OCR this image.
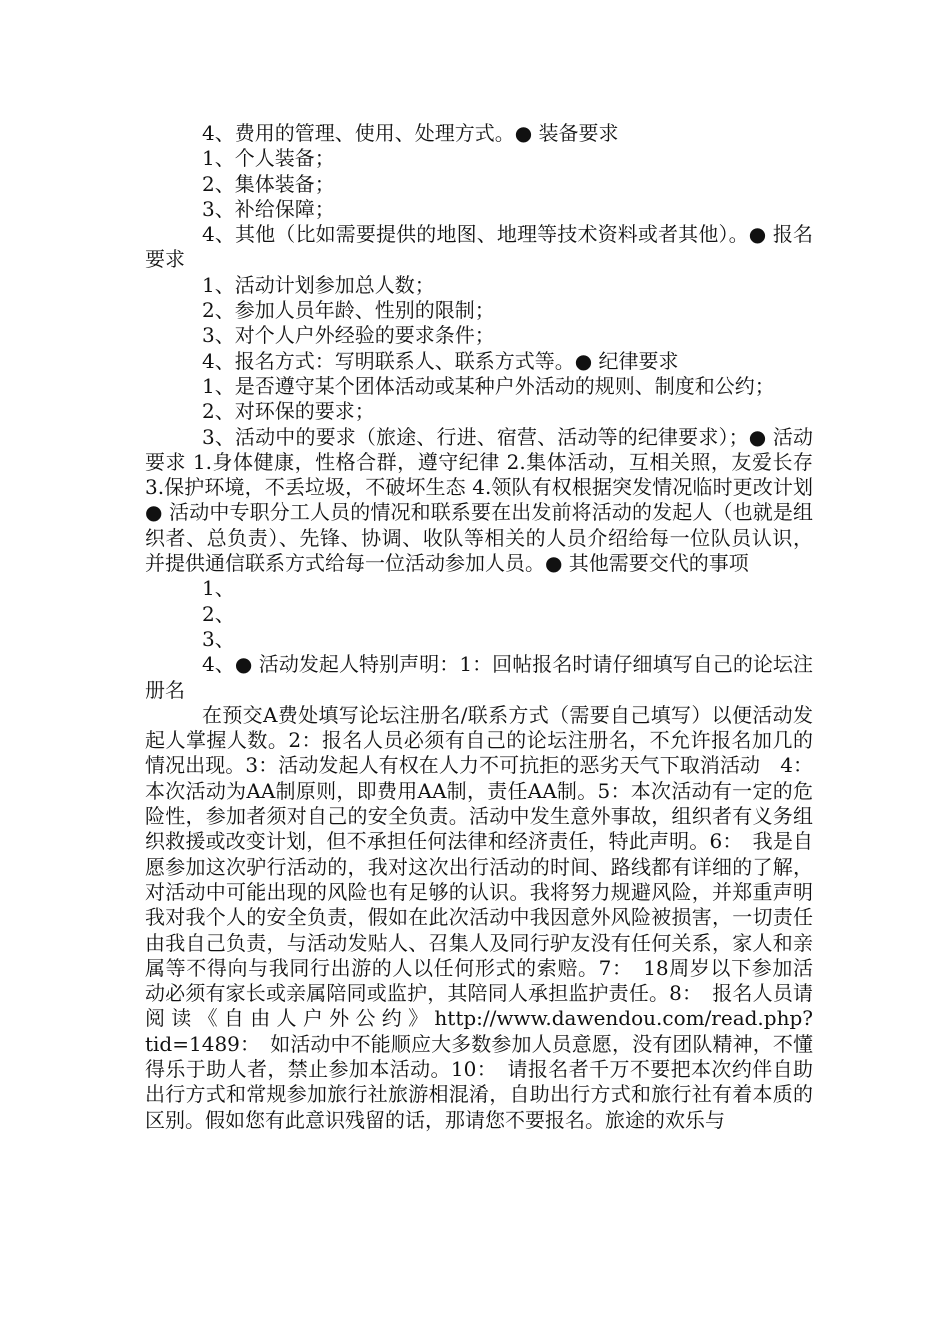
4、费用的管理、使用、处理方式。● 装备要求

1、个人装备；

2、集体装备；

3、补给保障；

4、其他（比如需要提供的地图、地理等技术资料或者其他）。● 报名要求

1、活动计划参加总人数；

2、参加人员年龄、性别的限制；

3、对个人户外经验的要求条件；

4、报名方式：写明联系人、联系方式等。● 纪律要求

1、是否遵守某个团体活动或某种户外活动的规则、制度和公约；

2、对环保的要求；

3、活动中的要求（旅途、行进、宿营、活动等的纪律要求）；● 活动要求 1.身体健康，性格合群，遵守纪律 2.集体活动，互相关照，友爱长存 3.保护环境，不丢垃圾，不破坏生态 4.领队有权根据突发情况临时更改计划● 活动中专职分工人员的情况和联系要在出发前将活动的发起人（也就是组织者、总负责）、先锋、协调、收队等相关的人员介绍给每一位队员认识，并提供通信联系方式给每一位活动参加人员。● 其他需要交代的事项

1、

2、

3、

4、● 活动发起人特别声明：1：回帖报名时请仔细填写自己的论坛注册名

在预交A费处填写论坛注册名/联系方式（需要自己填写）以便活动发起人掌握人数。2：报名人员必须有自己的论坛注册名，不允许报名加几的情况出现。3：活动发起人有权在人力不可抗拒的恶劣天气下取消活动　4：本次活动为AA制原则，即费用AA制，责任AA制。5：本次活动有一定的危险性，参加者须对自己的安全负责。活动中发生意外事故，组织者有义务组织救援或改变计划，但不承担任何法律和经济责任，特此声明。6：　我是自愿参加这次驴行活动的，我对这次出行活动的时间、路线都有详细的了解，对活动中可能出现的风险也有足够的认识。我将努力规避风险，并郑重声明我对我个人的安全负责，假如在此次活动中我因意外风险被损害，一切责任由我自己负责，与活动发贴人、召集人及同行驴友没有任何关系，家人和亲属等不得向与我同行出游的人以任何形式的索赔。7：　18周岁以下参加活动必须有家长或亲属陪同或监护，其陪同人承担监护责任。8：　报名人员请阅读《自由人户外公约》http://www.dawendou.com/read.php?tid=1489：　如活动中不能顺应大多数参加人员意愿，没有团队精神，不懂得乐于助人者，禁止参加本活动。10：　请报名者千万不要把本次约伴自助出行方式和常规参加旅行社旅游相混淆，自助出行方式和旅行社有着本质的区别。假如您有此意识残留的话，那请您不要报名。旅途的欢乐与
